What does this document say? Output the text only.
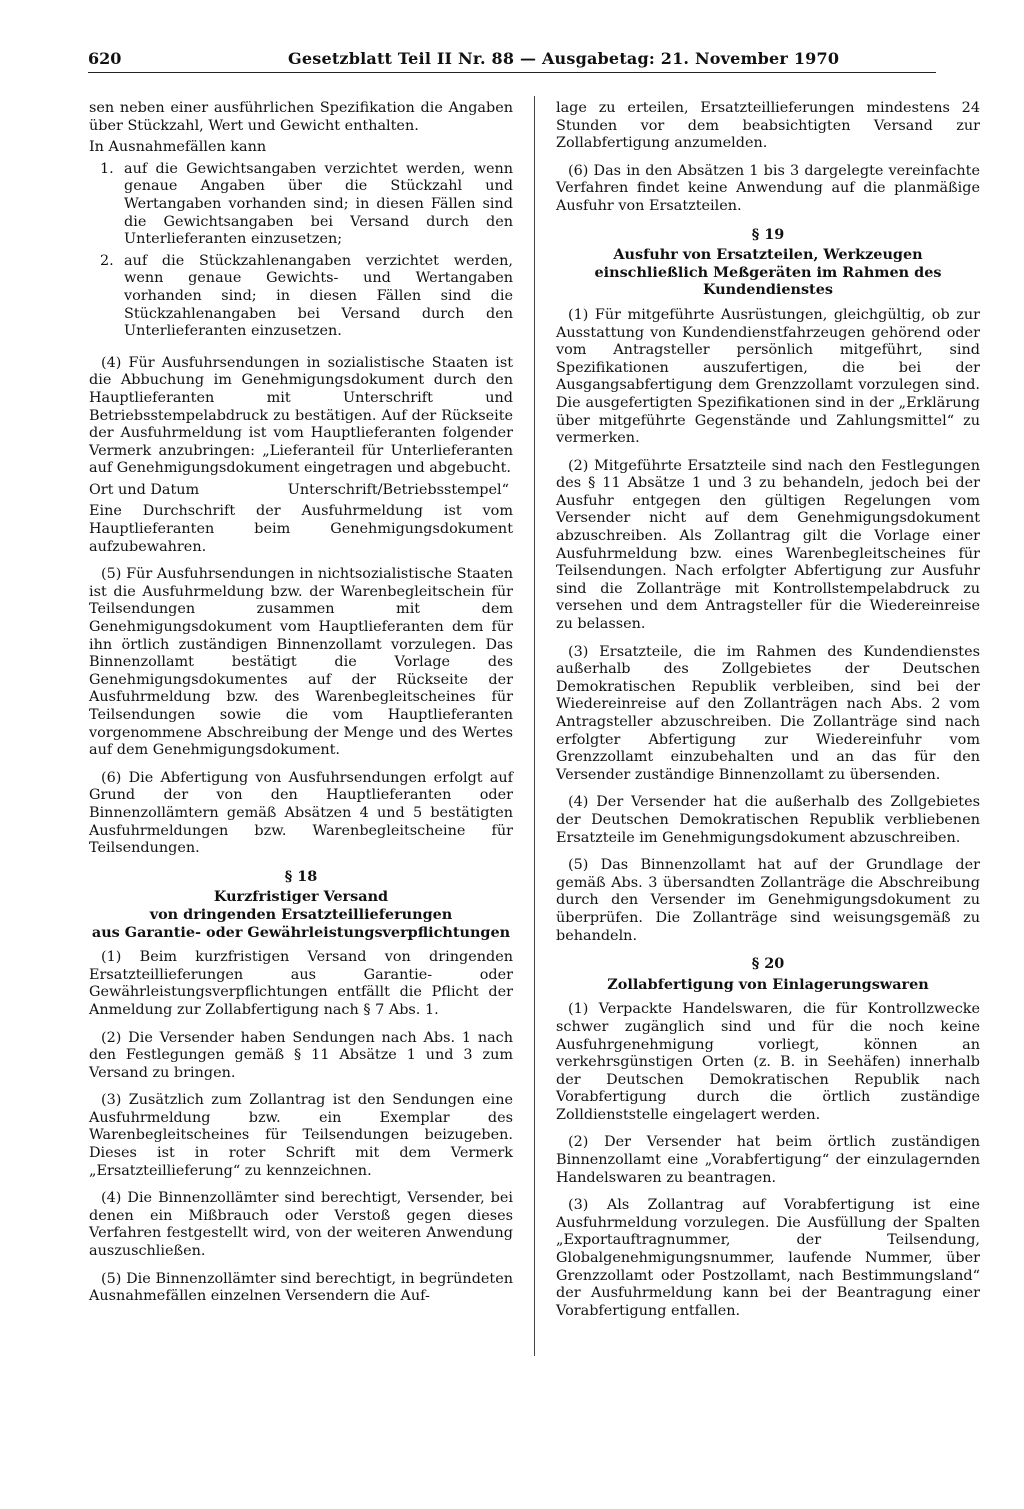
620	Gesetzblatt Teil II Nr. 88 — Ausgabetag: 21. November 1970

sen neben einer ausführlichen Spezifikation die Angaben über Stückzahl, Wert und Gewicht enthalten.

In Ausnahmefällen kann

1. auf die Gewichtsangaben verzichtet werden, wenn genaue Angaben über die Stückzahl und Wertangaben vorhanden sind; in diesen Fällen sind die Gewichtsangaben bei Versand durch den Unterlieferanten einzusetzen;
2. auf die Stückzahlenangaben verzichtet werden, wenn genaue Gewichts- und Wertangaben vorhanden sind; in diesen Fällen sind die Stückzahlenangaben bei Versand durch den Unterlieferanten einzusetzen.

(4) Für Ausfuhrsendungen in sozialistische Staaten ist die Abbuchung im Genehmigungsdokument durch den Hauptlieferanten mit Unterschrift und Betriebsstempelabdruck zu bestätigen. Auf der Rückseite der Ausfuhrmeldung ist vom Hauptlieferanten folgender Vermerk anzubringen: „Lieferanteil für Unterlieferanten auf Genehmigungsdokument eingetragen und abgebucht.

Ort und Datum	Unterschrift/Betriebsstempel“

Eine Durchschrift der Ausfuhrmeldung ist vom Hauptlieferanten beim Genehmigungsdokument aufzubewahren.

(5) Für Ausfuhrsendungen in nichtsozialistische Staaten ist die Ausfuhrmeldung bzw. der Warenbegleitschein für Teilsendungen zusammen mit dem Genehmigungsdokument vom Hauptlieferanten dem für ihn örtlich zuständigen Binnenzollamt vorzulegen. Das Binnenzollamt bestätigt die Vorlage des Genehmigungsdokumentes auf der Rückseite der Ausfuhrmeldung bzw. des Warenbegleitscheines für Teilsendungen sowie die vom Hauptlieferanten vorgenommene Abschreibung der Menge und des Wertes auf dem Genehmigungsdokument.

(6) Die Abfertigung von Ausfuhrsendungen erfolgt auf Grund der von den Hauptlieferanten oder Binnenzollämtern gemäß Absätzen 4 und 5 bestätigten Ausfuhrmeldungen bzw. Warenbegleitscheine für Teilsendungen.

§ 18
Kurzfristiger Versand
von dringenden Ersatzteillieferungen
aus Garantie- oder Gewährleistungsverpflichtungen

(1) Beim kurzfristigen Versand von dringenden Ersatzteillieferungen aus Garantie- oder Gewährleistungsverpflichtungen entfällt die Pflicht der Anmeldung zur Zollabfertigung nach § 7 Abs. 1.

(2) Die Versender haben Sendungen nach Abs. 1 nach den Festlegungen gemäß § 11 Absätze 1 und 3 zum Versand zu bringen.

(3) Zusätzlich zum Zollantrag ist den Sendungen eine Ausfuhrmeldung bzw. ein Exemplar des Warenbegleitscheines für Teilsendungen beizugeben. Dieses ist in roter Schrift mit dem Vermerk „Ersatzteillieferung“ zu kennzeichnen.

(4) Die Binnenzollämter sind berechtigt, Versender, bei denen ein Mißbrauch oder Verstoß gegen dieses Verfahren festgestellt wird, von der weiteren Anwendung auszuschließen.

(5) Die Binnenzollämter sind berechtigt, in begründeten Ausnahmefällen einzelnen Versendern die Auf-

lage zu erteilen, Ersatzteillieferungen mindestens 24 Stunden vor dem beabsichtigten Versand zur Zollabfertigung anzumelden.

(6) Das in den Absätzen 1 bis 3 dargelegte vereinfachte Verfahren findet keine Anwendung auf die planmäßige Ausfuhr von Ersatzteilen.

§ 19
Ausfuhr von Ersatzteilen, Werkzeugen
einschließlich Meßgeräten im Rahmen des Kundendienstes

(1) Für mitgeführte Ausrüstungen, gleichgültig, ob zur Ausstattung von Kundendienstfahrzeugen gehörend oder vom Antragsteller persönlich mitgeführt, sind Spezifikationen auszufertigen, die bei der Ausgangsabfertigung dem Grenzzollamt vorzulegen sind. Die ausgefertigten Spezifikationen sind in der „Erklärung über mitgeführte Gegenstände und Zahlungsmittel“ zu vermerken.

(2) Mitgeführte Ersatzteile sind nach den Festlegungen des § 11 Absätze 1 und 3 zu behandeln, jedoch bei der Ausfuhr entgegen den gültigen Regelungen vom Versender nicht auf dem Genehmigungsdokument abzuschreiben. Als Zollantrag gilt die Vorlage einer Ausfuhrmeldung bzw. eines Warenbegleitscheines für Teilsendungen. Nach erfolgter Abfertigung zur Ausfuhr sind die Zollanträge mit Kontrollstempelabdruck zu versehen und dem Antragsteller für die Wiedereinreise zu belassen.

(3) Ersatzteile, die im Rahmen des Kundendienstes außerhalb des Zollgebietes der Deutschen Demokratischen Republik verbleiben, sind bei der Wiedereinreise auf den Zollanträgen nach Abs. 2 vom Antragsteller abzuschreiben. Die Zollanträge sind nach erfolgter Abfertigung zur Wiedereinfuhr vom Grenzzollamt einzubehalten und an das für den Versender zuständige Binnenzollamt zu übersenden.

(4) Der Versender hat die außerhalb des Zollgebietes der Deutschen Demokratischen Republik verbliebenen Ersatzteile im Genehmigungsdokument abzuschreiben.

(5) Das Binnenzollamt hat auf der Grundlage der gemäß Abs. 3 übersandten Zollanträge die Abschreibung durch den Versender im Genehmigungsdokument zu überprüfen. Die Zollanträge sind weisungsgemäß zu behandeln.

§ 20
Zollabfertigung von Einlagerungswaren

(1) Verpackte Handelswaren, die für Kontrollzwecke schwer zugänglich sind und für die noch keine Ausfuhrgenehmigung vorliegt, können an verkehrsgünstigen Orten (z. B. in Seehäfen) innerhalb der Deutschen Demokratischen Republik nach Vorabfertigung durch die örtlich zuständige Zolldienststelle eingelagert werden.

(2) Der Versender hat beim örtlich zuständigen Binnenzollamt eine „Vorabfertigung“ der einzulagernden Handelswaren zu beantragen.

(3) Als Zollantrag auf Vorabfertigung ist eine Ausfuhrmeldung vorzulegen. Die Ausfüllung der Spalten „Exportauftragnummer, der Teilsendung, Globalgenehmigungsnummer, laufende Nummer, über Grenzzollamt oder Postzollamt, nach Bestimmungsland“ der Ausfuhrmeldung kann bei der Beantragung einer Vorabfertigung entfallen.
